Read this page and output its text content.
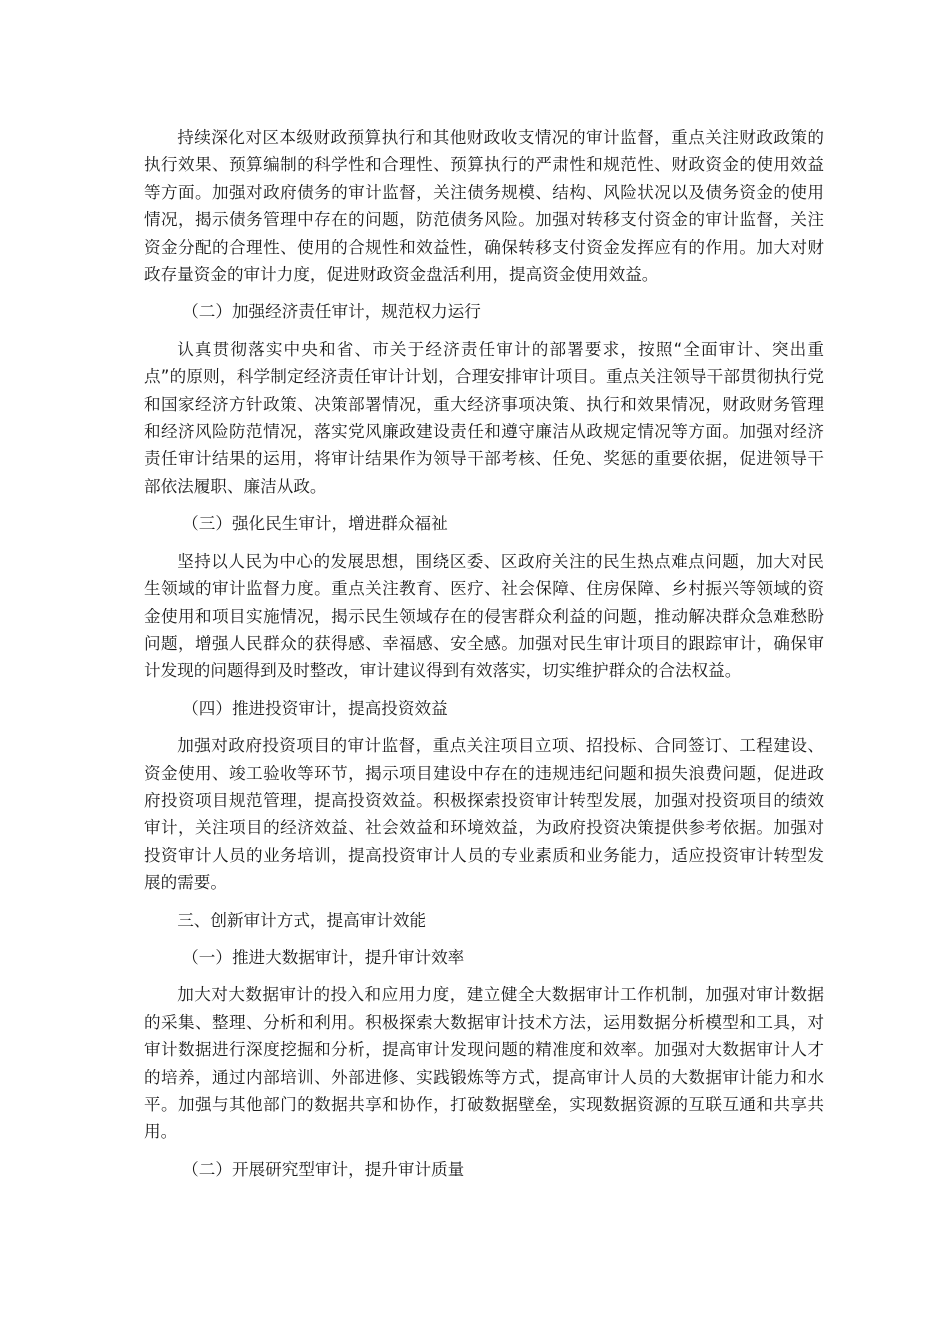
持续深化对区本级财政预算执行和其他财政收支情况的审计监督，重点关注财政政策的执行效果、预算编制的科学性和合理性、预算执行的严肃性和规范性、财政资金的使用效益等方面。加强对政府债务的审计监督，关注债务规模、结构、风险状况以及债务资金的使用情况，揭示债务管理中存在的问题，防范债务风险。加强对转移支付资金的审计监督，关注资金分配的合理性、使用的合规性和效益性，确保转移支付资金发挥应有的作用。加大对财政存量资金的审计力度，促进财政资金盘活利用，提高资金使用效益。

（二）加强经济责任审计，规范权力运行

认真贯彻落实中央和省、市关于经济责任审计的部署要求，按照“全面审计、突出重点”的原则，科学制定经济责任审计计划，合理安排审计项目。重点关注领导干部贯彻执行党和国家经济方针政策、决策部署情况，重大经济事项决策、执行和效果情况，财政财务管理和经济风险防范情况，落实党风廉政建设责任和遵守廉洁从政规定情况等方面。加强对经济责任审计结果的运用，将审计结果作为领导干部考核、任免、奖惩的重要依据，促进领导干部依法履职、廉洁从政。

（三）强化民生审计，增进群众福祉

坚持以人民为中心的发展思想，围绕区委、区政府关注的民生热点难点问题，加大对民生领域的审计监督力度。重点关注教育、医疗、社会保障、住房保障、乡村振兴等领域的资金使用和项目实施情况，揭示民生领域存在的侵害群众利益的问题，推动解决群众急难愁盼问题，增强人民群众的获得感、幸福感、安全感。加强对民生审计项目的跟踪审计，确保审计发现的问题得到及时整改，审计建议得到有效落实，切实维护群众的合法权益。

（四）推进投资审计，提高投资效益

加强对政府投资项目的审计监督，重点关注项目立项、招投标、合同签订、工程建设、资金使用、竣工验收等环节，揭示项目建设中存在的违规违纪问题和损失浪费问题，促进政府投资项目规范管理，提高投资效益。积极探索投资审计转型发展，加强对投资项目的绩效审计，关注项目的经济效益、社会效益和环境效益，为政府投资决策提供参考依据。加强对投资审计人员的业务培训，提高投资审计人员的专业素质和业务能力，适应投资审计转型发展的需要。

三、创新审计方式，提高审计效能

（一）推进大数据审计，提升审计效率

加大对大数据审计的投入和应用力度，建立健全大数据审计工作机制，加强对审计数据的采集、整理、分析和利用。积极探索大数据审计技术方法，运用数据分析模型和工具，对审计数据进行深度挖掘和分析，提高审计发现问题的精准度和效率。加强对大数据审计人才的培养，通过内部培训、外部进修、实践锻炼等方式，提高审计人员的大数据审计能力和水平。加强与其他部门的数据共享和协作，打破数据壁垒，实现数据资源的互联互通和共享共用。

（二）开展研究型审计，提升审计质量
